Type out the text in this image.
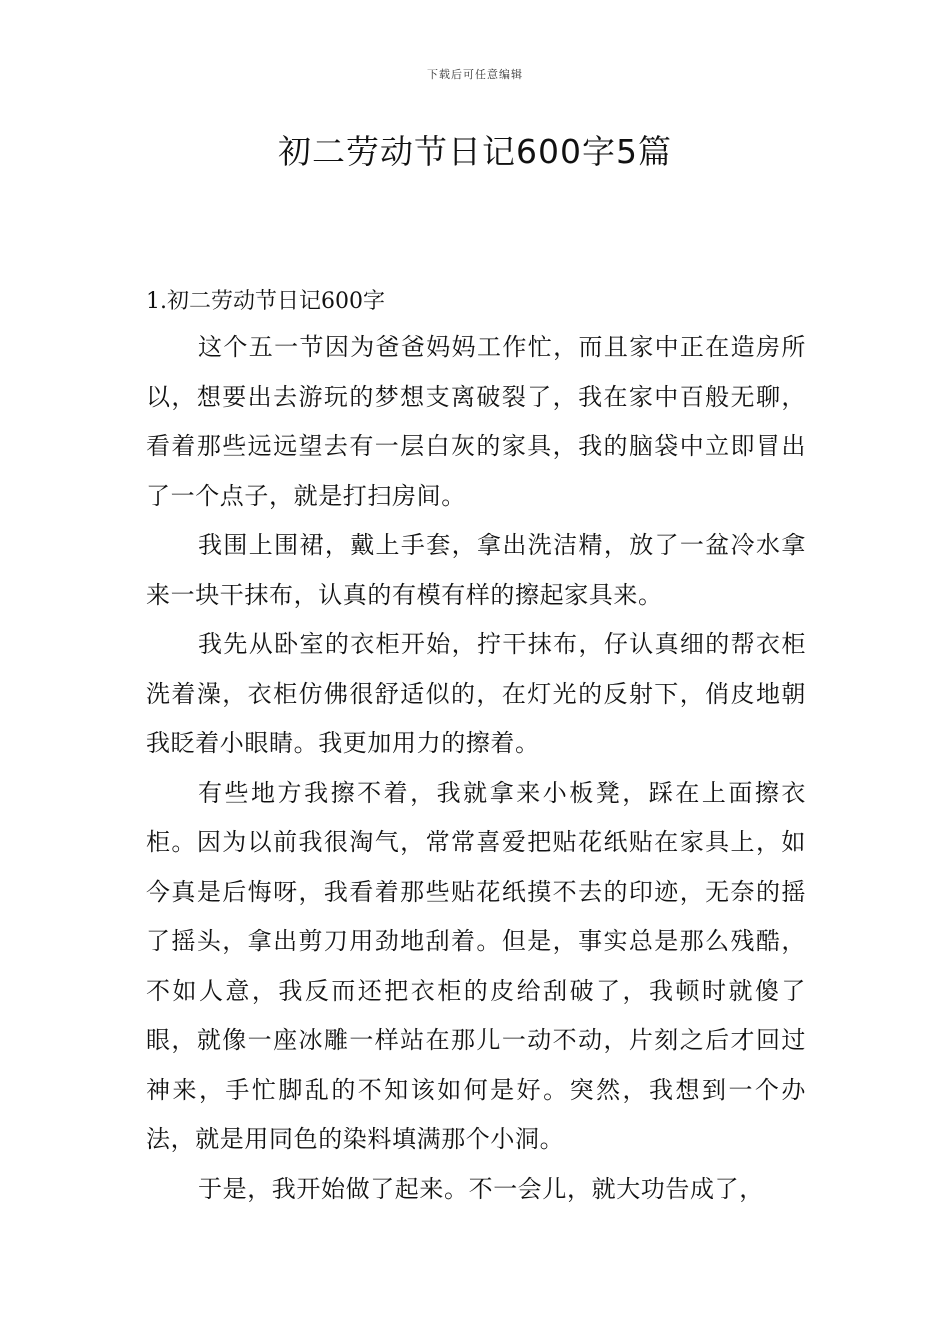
下载后可任意编辑
初二劳动节日记600字5篇
1.初二劳动节日记600字

这个五一节因为爸爸妈妈工作忙，而且家中正在造房所以，想要出去游玩的梦想支离破裂了，我在家中百般无聊，看着那些远远望去有一层白灰的家具，我的脑袋中立即冒出了一个点子，就是打扫房间。

我围上围裙，戴上手套，拿出洗洁精，放了一盆冷水拿来一块干抹布，认真的有模有样的擦起家具来。

我先从卧室的衣柜开始，拧干抹布，仔认真细的帮衣柜洗着澡，衣柜仿佛很舒适似的，在灯光的反射下，俏皮地朝我眨着小眼睛。我更加用力的擦着。

有些地方我擦不着，我就拿来小板凳，踩在上面擦衣柜。因为以前我很淘气，常常喜爱把贴花纸贴在家具上，如今真是后悔呀，我看着那些贴花纸摸不去的印迹，无奈的摇了摇头，拿出剪刀用劲地刮着。但是，事实总是那么残酷，不如人意，我反而还把衣柜的皮给刮破了，我顿时就傻了眼，就像一座冰雕一样站在那儿一动不动，片刻之后才回过神来，手忙脚乱的不知该如何是好。突然，我想到一个办法，就是用同色的染料填满那个小洞。

于是，我开始做了起来。不一会儿，就大功告成了，
